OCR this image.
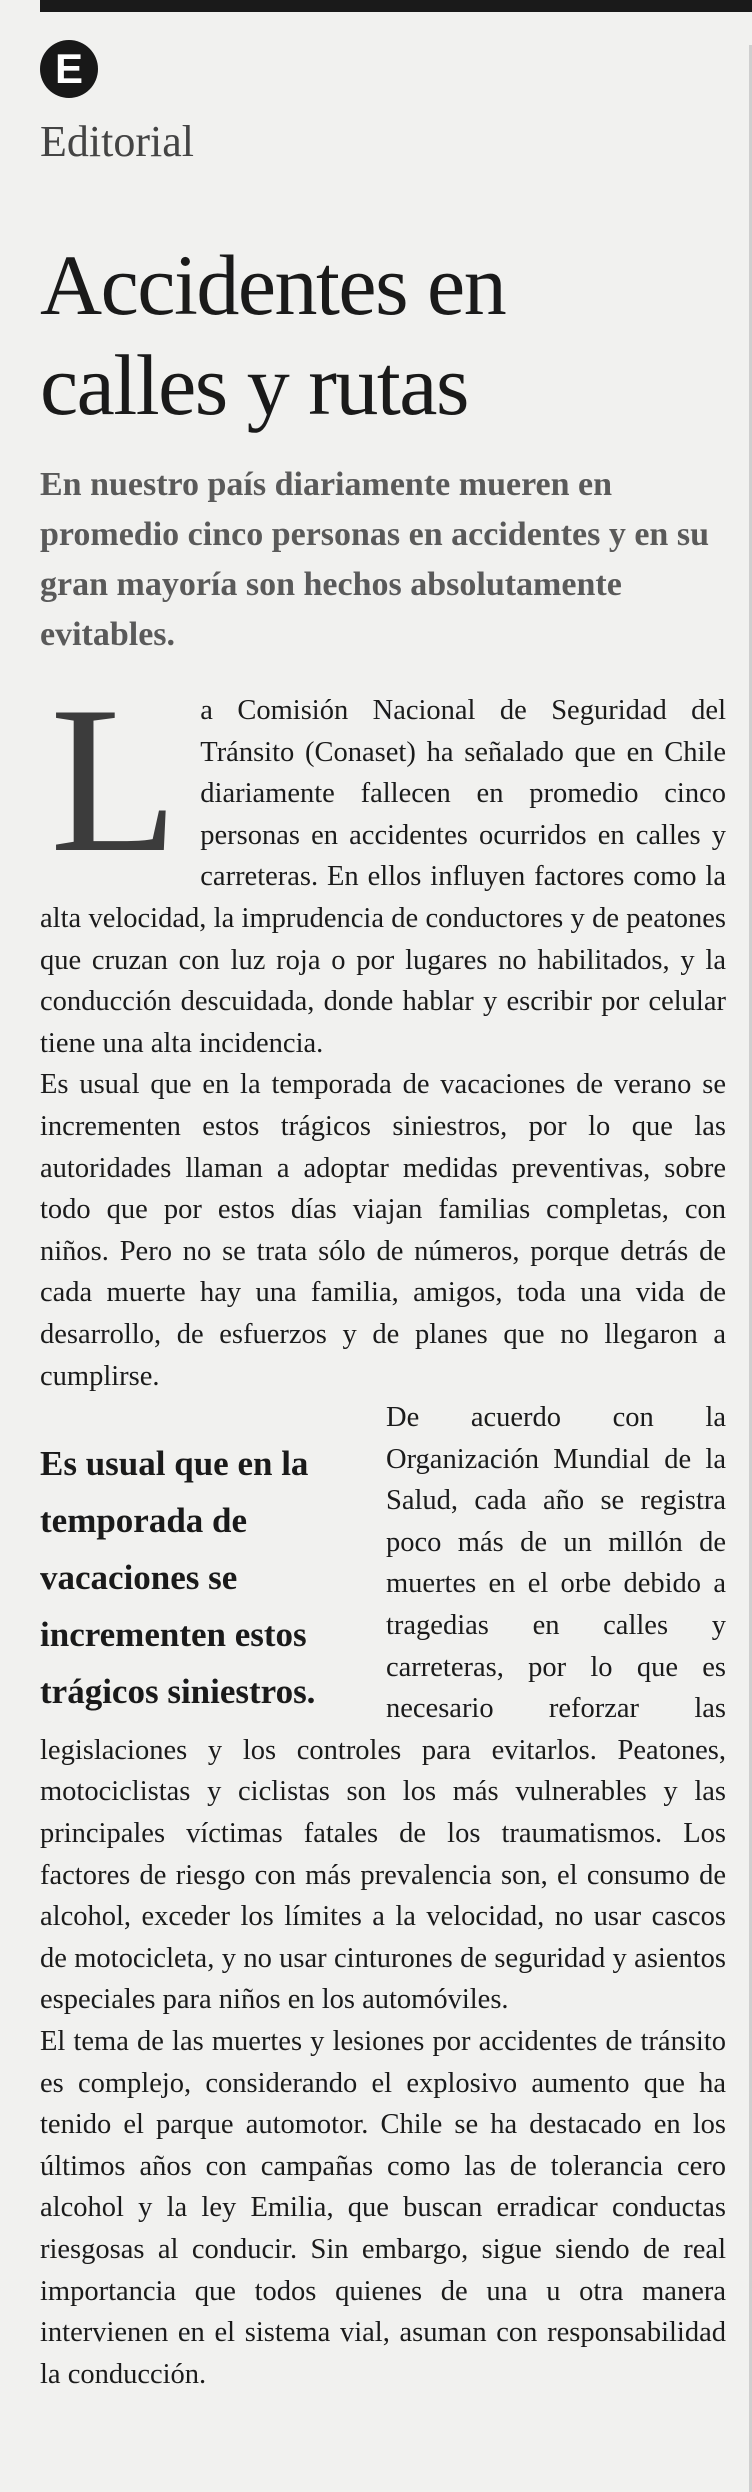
E
Editorial
Accidentes en
calles y rutas

En nuestro país diariamente mueren en promedio cinco personas en accidentes y en su gran mayoría son hechos absolutamente evitables.

La Comisión Nacional de Seguridad del Tránsito (Conaset) ha señalado que en Chile diariamente fallecen en promedio cinco personas en accidentes ocurridos en calles y carreteras. En ellos influyen factores como la alta velocidad, la imprudencia de conductores y de peatones que cruzan con luz roja o por lugares no habilitados, y la conducción descuidada, donde hablar y escribir por celular tiene una alta incidencia.

Es usual que en la temporada de vacaciones de verano se incrementen estos trágicos siniestros, por lo que las autoridades llaman a adoptar medidas preventivas, sobre todo que por estos días viajan familias completas, con niños. Pero no se trata sólo de números, porque detrás de cada muerte hay una familia, amigos, toda una vida de desarrollo, de esfuerzos y de planes que no llegaron a cumplirse.

Es usual que en la temporada de vacaciones se incrementen estos trágicos siniestros.

De acuerdo con la Organización Mundial de la Salud, cada año se registra poco más de un millón de muertes en el orbe debido a tragedias en calles y carreteras, por lo que es necesario reforzar las legislaciones y los controles para evitarlos. Peatones, motociclistas y ciclistas son los más vulnerables y las principales víctimas fatales de los traumatismos. Los factores de riesgo con más prevalencia son, el consumo de alcohol, exceder los límites a la velocidad, no usar cascos de motocicleta, y no usar cinturones de seguridad y asientos especiales para niños en los automóviles.

El tema de las muertes y lesiones por accidentes de tránsito es complejo, considerando el explosivo aumento que ha tenido el parque automotor. Chile se ha destacado en los últimos años con campañas como las de tolerancia cero alcohol y la ley Emilia, que buscan erradicar conductas riesgosas al conducir. Sin embargo, sigue siendo de real importancia que todos quienes de una u otra manera intervienen en el sistema vial, asuman con responsabilidad la conducción.
